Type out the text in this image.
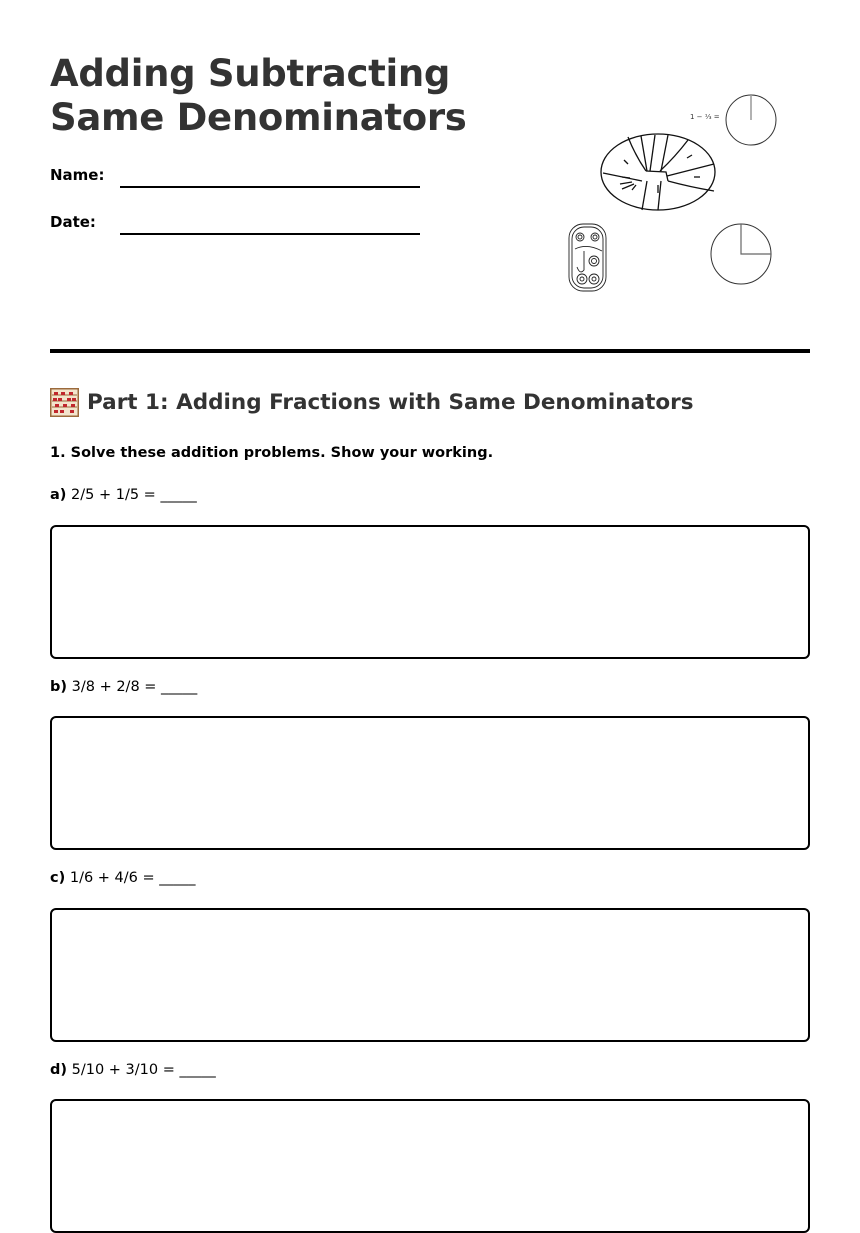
Adding Subtracting
Same Denominators
Name:
Date:
1 − ⅓ =
Part 1: Adding Fractions with Same Denominators
1. Solve these addition problems. Show your working.
a) 2/5 + 1/5 = _____
b) 3/8 + 2/8 = _____
c) 1/6 + 4/6 = _____
d) 5/10 + 3/10 = _____
